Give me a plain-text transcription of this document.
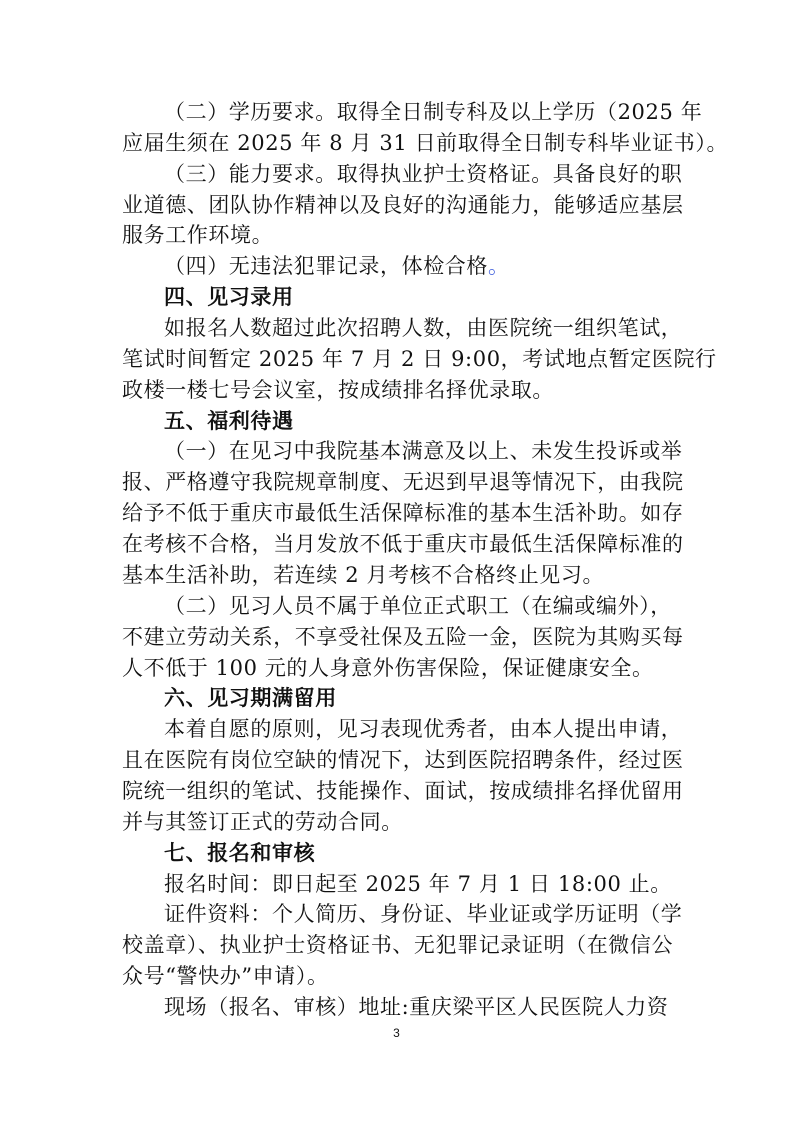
（二）学历要求。取得全日制专科及以上学历（2025 年
应届生须在 2025 年 8 月 31 日前取得全日制专科毕业证书）。
（三）能力要求。取得执业护士资格证。具备良好的职
业道德、团队协作精神以及良好的沟通能力，能够适应基层
服务工作环境。
（四）无违法犯罪记录，体检合格。
四、见习录用
如报名人数超过此次招聘人数，由医院统一组织笔试，
笔试时间暂定 2025 年 7 月 2 日 9:00，考试地点暂定医院行
政楼一楼七号会议室，按成绩排名择优录取。
五、福利待遇
（一）在见习中我院基本满意及以上、未发生投诉或举
报、严格遵守我院规章制度、无迟到早退等情况下，由我院
给予不低于重庆市最低生活保障标准的基本生活补助。如存
在考核不合格，当月发放不低于重庆市最低生活保障标准的
基本生活补助，若连续 2 月考核不合格终止见习。
（二）见习人员不属于单位正式职工（在编或编外），
不建立劳动关系，不享受社保及五险一金，医院为其购买每
人不低于 100 元的人身意外伤害保险，保证健康安全。
六、见习期满留用
本着自愿的原则，见习表现优秀者，由本人提出申请，
且在医院有岗位空缺的情况下，达到医院招聘条件，经过医
院统一组织的笔试、技能操作、面试，按成绩排名择优留用
并与其签订正式的劳动合同。
七、报名和审核
报名时间：即日起至 2025 年 7 月 1 日 18:00 止。
证件资料：个人简历、身份证、毕业证或学历证明（学
校盖章）、执业护士资格证书、无犯罪记录证明（在微信公
众号“警快办”申请）。
现场（报名、审核）地址:重庆梁平区人民医院人力资
3
